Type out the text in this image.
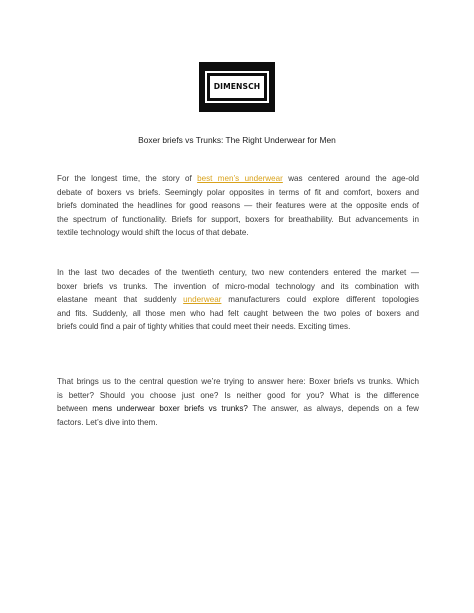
DIMENSCH
Boxer briefs vs Trunks: The Right Underwear for Men
For the longest time, the story of best men’s underwear was centered around the age-old
debate of boxers vs briefs. Seemingly polar opposites in terms of fit and comfort, boxers and
briefs dominated the headlines for good reasons — their features were at the opposite ends of
the spectrum of functionality. Briefs for support, boxers for breathability. But advancements in
textile technology would shift the locus of that debate.
In the last two decades of the twentieth century, two new contenders entered the market —
boxer briefs vs trunks. The invention of micro-modal technology and its combination with
elastane meant that suddenly underwear manufacturers could explore different topologies
and fits. Suddenly, all those men who had felt caught between the two poles of boxers and
briefs could find a pair of tighty whities that could meet their needs. Exciting times.
That brings us to the central question we’re trying to answer here: Boxer briefs vs trunks. Which
is better? Should you choose just one? Is neither good for you? What is the difference
between mens underwear boxer briefs vs trunks? The answer, as always, depends on a few
factors. Let’s dive into them.
